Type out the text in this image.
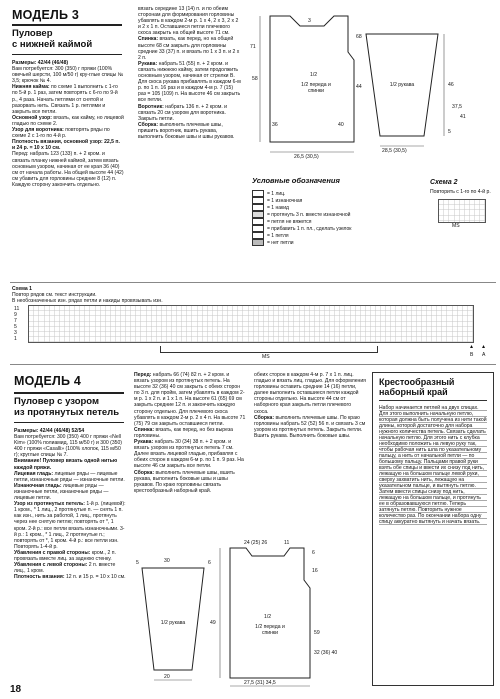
МОДЕЛЬ 3
Пуловер
с нижней каймой
Размеры: 42/44 (46/48)
Вам потребуется: 300 (350) г пряжи (100% овечьей шерсти, 100 м/50 г) кру-глые спицы № 3,5; крючок № 4.
Нижняя кайма: по схеме 1 выполнить с 1-го по 5-й р. 1 раз, затем повторять с 6-го по 9-й р., 4 раза. Начать петлями от снятой и разорвать нить. Связать 1 р. петлями и закрыть все петли.
Основной узор: вязать, как кайму, но лицевой гладью по схеме 2.
Узор для воротника: повторять ряды по схеме 2 с 1-го по 4-й р.
Плотность вязания, основной узор: 22,5 п. и 24 р. = 10 х 10 см.
Перед: набрать 123 (133) п. + 2 кром. и связать планку нижней каймой, затем вязать основным узором, начиная от ее края 36 (40) см от начала работы. На общей высоте 44 (42) см убавить для горловины средние 8 (12) п. Каждую сторону закончить отдельно.
вязать середине 13 (14) п. и по обеим сторонам для формирования горловины убавлять в каждом 2-м р. 1 х 4, 2 х 3, 2 х 2 и 2 х 1 п. Оставшиеся петли плечевого скоса закрыть на общей высоте 71 см.
Спинка: вязать, как перед, но на общей высоте 68 см закрыть для горловины средние 33 (37) п. и вязать по 1 х 3 п. и 2 х 2 п.
Рукава: набрать 51 (55) п. + 2 кром. и связать нижнюю кайму, затем продолжить основным узором, начиная от стрелки В. Для скоса рукава прибавлять в каждом 6-м р. по 1 п. 16 раз и в каждом 4-м р. 7 (15) раз = 105 (109) п. На высоте 46 см закрыть все петли.
Воротник: набрать 136 п. + 2 кром. и связать 20 см узором для воротника. Закрыть петли.
Сборка: выполнить плечевые швы, пришить воротник, вшить рукава, выполнить боковые швы и швы рукавов.
1/2 переда и спинки
1/2 рукава
58
3
71
68
44
36	40
46
5
26,5 (30,5)
28,5 (30,5)
37,5
41
1/2
Условные обозначения
= 1 лиц.
= 1 изнаночная
= 1 накид
= протянуть 3 п. вместе изнаночной
= петля не вяжется
= прибавить 1 п. пл., сделать узелок
= 1 петля
= нет петли
Схема 2
Повторить с 1-го по 4-й р.
MS
Схема 1
Повтор рядов см. текст инструкции.
В необозначенных изн. рядах петли и накиды провязывать изн.
11
9
7
5
3
1
MS	B A
▲ ▲
МОДЕЛЬ 4
Пуловер с узором
из протянутых петель
Размеры: 42/44 (46/48) 52/54
Вам потребуется: 300 (350) 400 г пряжи «Nell Kim» (100% полиамид, 115 м/50 г) и 300 (350) 400 г пряжи «Casalli» (100% хлопок, 115 м/50 г); круглые спицы № 7.
Внимание! Пуловер вязать одной нитью каждой пряжи.
Лицевая гладь: лицевые ряды — лицевые петли, изнаночные ряды — изнаночные петли.
Изнаночная гладь: лицевые ряды — изнаночные петли, изнаночные ряды — лицевые петли.
Узор из протянутых петель: 1-й р. (лицевой): 1 кром., * 1 лиц., 2 протянутые п. — снять 1 п. как изн., нить за работой, 1 лиц., протянуть через нее снятую петлю; повторять от *, 1 кром. 2-й р.: все петли вязать изнаночными. 3-й р.: 1 кром., * 1 лиц., 2 протянутые п.; повторять от *, 1 кром. 4-й р.: все петли изн. Повторять 1-4-й р.
Убавления с правой стороны: кром., 2 п. провязать вместе лиц. за заднюю стенку.
Убавления с левой стороны: 2 п. вместе лиц., 1 кром.
Плотность вязания: 12 п. и 15 р. = 10 х 10 см.
Перед: набрать 66 (74) 82 п. + 2 кром. и вязать узором из протянутых петель. На высоте 32 (36) 40 см закрыть с обеих сторон по 3 п. для пройм, затем убавлять в каждом 2-м р. 1 х 2 п. и 1 х 1 п. На высоте 61 (65) 69 см закрыть средние 12 п. и закончить каждую сторону отдельно. Для плечевого скоса убавлять в каждом 2-м р. 2 х 4 п. На высоте 71 (75) 79 см закрыть оставшиеся петли.
Спинка: вязать, как перед, но без выреза горловины.
Рукава: набрать 30 (34) 38 п. + 2 кром. и вязать узором из протянутых петель 7 см. Далее вязать лицевой гладью, прибавляя с обеих сторон в каждом 6-м р. по 1 п. 9 раз. На высоте 46 см закрыть все петли.
Сборка: выполнить плечевые швы, вшить рукава, выполнить боковые швы и швы рукавов. По краю горловины связать крестообразный наборный край.
обеих сторон в каждом 4-м р. 7 х 1 п. лиц. гладью и вязать лиц. гладью. Для оформления горловины оставить средние 14 (16) петли, далее выполнить оставшиеся петли каждой стороны отдельно. На высоте 44 см от наборного края закрыть петли плечевого скоса.
Сборка: выполнить плечевые швы. По краю горловины набрать 52 (52) 56 п. и связать 3 см узором из протянутых петель. Закрыть петли. Вшить рукава. Выполнить боковые швы.
1/2 переда и спинки
1/2 рукава
24 (25) 26	11
6
16
6
5	30
1/2
20
59
32 (36) 40
49
27,5 (31) 34,5
Крестообразный
наборный край
Набор начинается петлей на двух спицах. Для этого выполнить начальную петлю, которая должна быть получена из нити такой длины, которой достаточно для набора нужного количества петель. Связать сделать начальную петлю. Для этого нить с клубка необходимо положить на левую руку так, чтобы рабочая нить шла по указательному пальцу, а нить от начальной петли — по большому пальцу. Пальцами правой руки взять обе спицы и ввести их снизу под нить, лежащую на большом пальце левой руки, сверху захватить нить, лежащую на указательном пальце, и вытянуть петлю. Затем ввести спицы снизу под нить, лежащую на большом пальце, и протянуть ее в образовавшуюся петлю. Теперь затянуть петлю. Повторить нужное количество раз. По окончании набора одну спицу аккуратно вытянуть и начать вязать.
18
